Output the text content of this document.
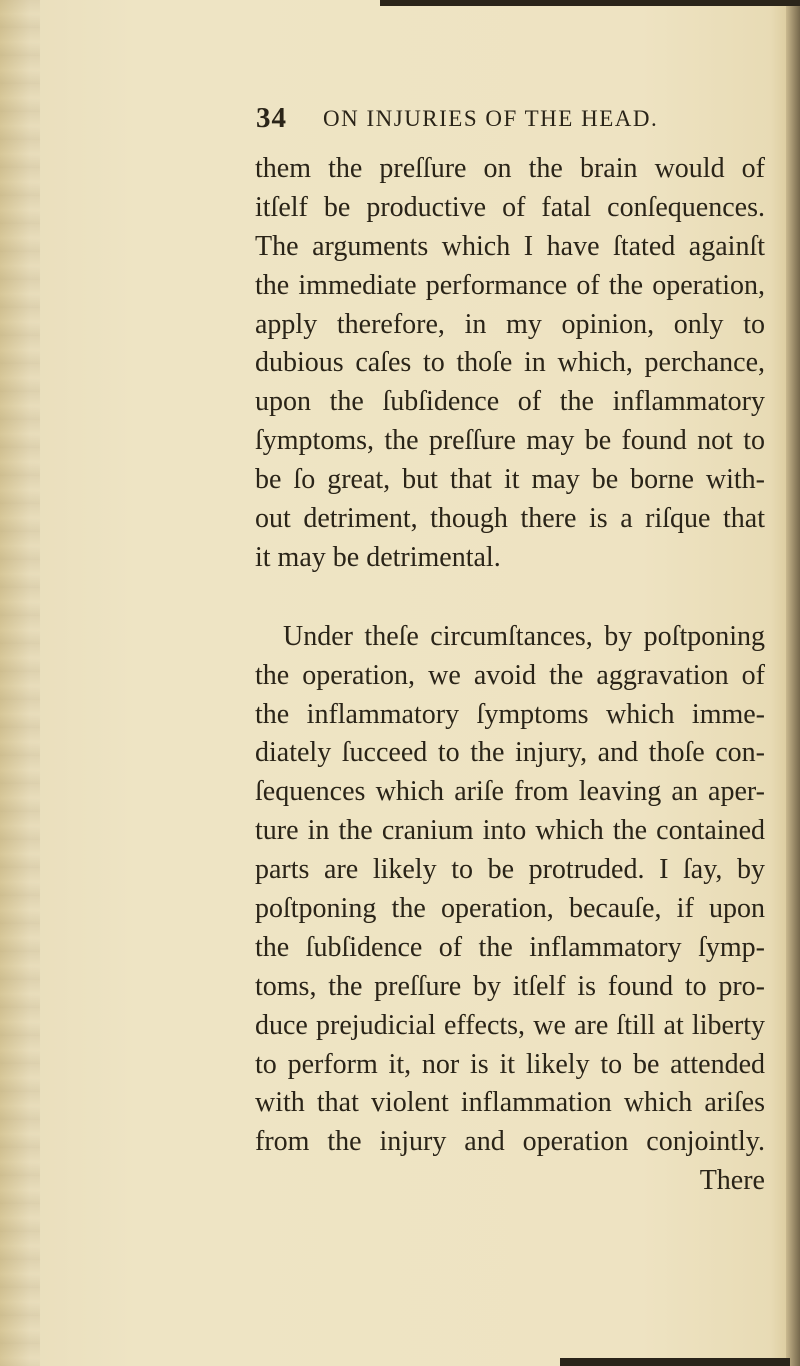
34 ON INJURIES OF THE HEAD.
them the preſſure on the brain would of
itſelf be productive of fatal conſequences.
The arguments which I have ſtated againſt
the immediate performance of the operation,
apply therefore, in my opinion, only to
dubious caſes to thoſe in which, perchance,
upon the ſubſidence of the inflammatory
ſymptoms, the preſſure may be found not to
be ſo great, but that it may be borne with-
out detriment, though there is a riſque that
it may be detrimental.
Under theſe circumſtances, by poſtponing
the operation, we avoid the aggravation of
the inflammatory ſymptoms which imme-
diately ſucceed to the injury, and thoſe con-
ſequences which ariſe from leaving an aper-
ture in the cranium into which the contained
parts are likely to be protruded. I ſay, by
poſtponing the operation, becauſe, if upon
the ſubſidence of the inflammatory ſymp-
toms, the preſſure by itſelf is found to pro-
duce prejudicial effects, we are ſtill at liberty
to perform it, nor is it likely to be attended
with that violent inflammation which ariſes
from the injury and operation conjointly.
There
